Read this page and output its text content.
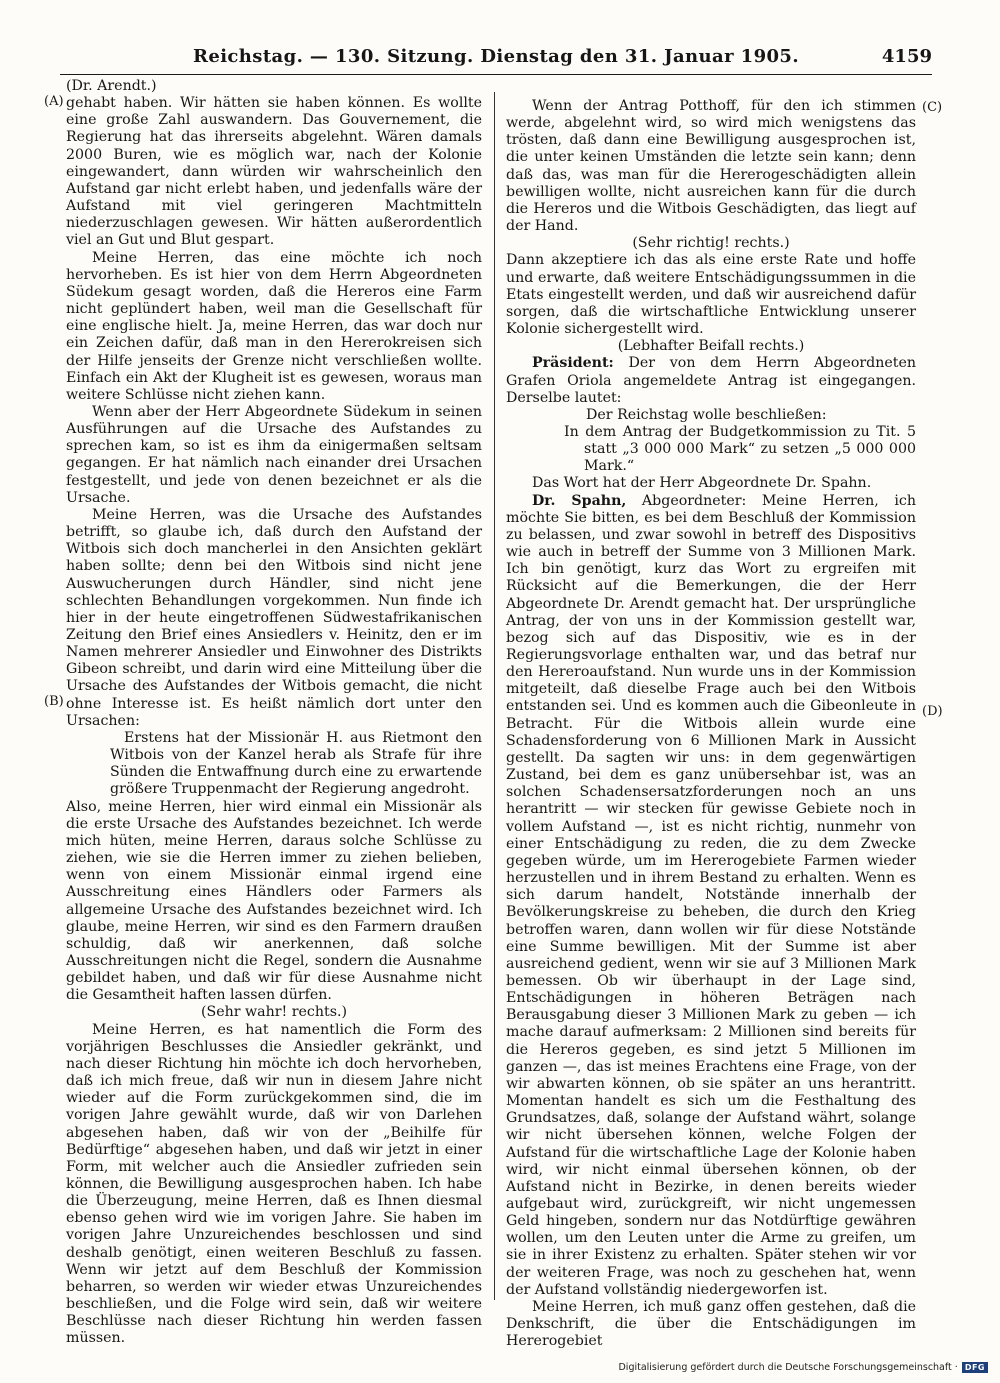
Reichstag. — 130. Sitzung. Dienstag den 31. Januar 1905.	4159
(A)
(B)
(C)
(D)

(Dr. Arendt.)

gehabt haben. Wir hätten sie haben können. Es wollte eine große Zahl auswandern. Das Gouvernement, die Regierung hat das ihrerseits abgelehnt. Wären damals 2000 Buren, wie es möglich war, nach der Kolonie eingewandert, dann würden wir wahrscheinlich den Aufstand gar nicht erlebt haben, und jedenfalls wäre der Aufstand mit viel geringeren Machtmitteln niederzuschlagen gewesen. Wir hätten außerordentlich viel an Gut und Blut gespart.

Meine Herren, das eine möchte ich noch hervorheben. Es ist hier von dem Herrn Abgeordneten Südekum gesagt worden, daß die Hereros eine Farm nicht geplündert haben, weil man die Gesellschaft für eine englische hielt. Ja, meine Herren, das war doch nur ein Zeichen dafür, daß man in den Hererokreisen sich der Hilfe jenseits der Grenze nicht verschließen wollte. Einfach ein Akt der Klugheit ist es gewesen, woraus man weitere Schlüsse nicht ziehen kann.

Wenn aber der Herr Abgeordnete Südekum in seinen Ausführungen auf die Ursache des Aufstandes zu sprechen kam, so ist es ihm da einigermaßen seltsam gegangen. Er hat nämlich nach einander drei Ursachen festgestellt, und jede von denen bezeichnet er als die Ursache.

Meine Herren, was die Ursache des Aufstandes betrifft, so glaube ich, daß durch den Aufstand der Witbois sich doch mancherlei in den Ansichten geklärt haben sollte; denn bei den Witbois sind nicht jene Auswucherungen durch Händler, sind nicht jene schlechten Behandlungen vorgekommen. Nun finde ich hier in der heute eingetroffenen Südwestafrikanischen Zeitung den Brief eines Ansiedlers v. Heinitz, den er im Namen mehrerer Ansiedler und Einwohner des Distrikts Gibeon schreibt, und darin wird eine Mitteilung über die Ursache des Aufstandes der Witbois gemacht, die nicht ohne Interesse ist. Es heißt nämlich dort unter den Ursachen:

Erstens hat der Missionär H. aus Rietmont den Witbois von der Kanzel herab als Strafe für ihre Sünden die Entwaffnung durch eine zu erwartende größere Truppenmacht der Regierung angedroht.

Also, meine Herren, hier wird einmal ein Missionär als die erste Ursache des Aufstandes bezeichnet. Ich werde mich hüten, meine Herren, daraus solche Schlüsse zu ziehen, wie sie die Herren immer zu ziehen belieben, wenn von einem Missionär einmal irgend eine Ausschreitung eines Händlers oder Farmers als allgemeine Ursache des Aufstandes bezeichnet wird. Ich glaube, meine Herren, wir sind es den Farmern draußen schuldig, daß wir anerkennen, daß solche Ausschreitungen nicht die Regel, sondern die Ausnahme gebildet haben, und daß wir für diese Ausnahme nicht die Gesamtheit haften lassen dürfen.

(Sehr wahr! rechts.)

Meine Herren, es hat namentlich die Form des vorjährigen Beschlusses die Ansiedler gekränkt, und nach dieser Richtung hin möchte ich doch hervorheben, daß ich mich freue, daß wir nun in diesem Jahre nicht wieder auf die Form zurückgekommen sind, die im vorigen Jahre gewählt wurde, daß wir von Darlehen abgesehen haben, daß wir von der „Beihilfe für Bedürftige“ abgesehen haben, und daß wir jetzt in einer Form, mit welcher auch die Ansiedler zufrieden sein können, die Bewilligung ausgesprochen haben. Ich habe die Überzeugung, meine Herren, daß es Ihnen diesmal ebenso gehen wird wie im vorigen Jahre. Sie haben im vorigen Jahre Unzureichendes beschlossen und sind deshalb genötigt, einen weiteren Beschluß zu fassen. Wenn wir jetzt auf dem Beschluß der Kommission beharren, so werden wir wieder etwas Unzureichendes beschließen, und die Folge wird sein, daß wir weitere Beschlüsse nach dieser Richtung hin werden fassen müssen.

Wenn der Antrag Potthoff, für den ich stimmen werde, abgelehnt wird, so wird mich wenigstens das trösten, daß dann eine Bewilligung ausgesprochen ist, die unter keinen Umständen die letzte sein kann; denn daß das, was man für die Hererogeschädigten allein bewilligen wollte, nicht ausreichen kann für die durch die Hereros und die Witbois Geschädigten, das liegt auf der Hand.

(Sehr richtig! rechts.)

Dann akzeptiere ich das als eine erste Rate und hoffe und erwarte, daß weitere Entschädigungssummen in die Etats eingestellt werden, und daß wir ausreichend dafür sorgen, daß die wirtschaftliche Entwicklung unserer Kolonie sichergestellt wird.

(Lebhafter Beifall rechts.)

Präsident: Der von dem Herrn Abgeordneten Grafen Oriola angemeldete Antrag ist eingegangen. Derselbe lautet:

Der Reichstag wolle beschließen:

In dem Antrag der Budgetkommission zu Tit. 5 statt „3 000 000 Mark“ zu setzen „5 000 000 Mark.“

Das Wort hat der Herr Abgeordnete Dr. Spahn.

Dr. Spahn, Abgeordneter: Meine Herren, ich möchte Sie bitten, es bei dem Beschluß der Kommission zu belassen, und zwar sowohl in betreff des Dispositivs wie auch in betreff der Summe von 3 Millionen Mark. Ich bin genötigt, kurz das Wort zu ergreifen mit Rücksicht auf die Bemerkungen, die der Herr Abgeordnete Dr. Arendt gemacht hat. Der ursprüngliche Antrag, der von uns in der Kommission gestellt war, bezog sich auf das Dispositiv, wie es in der Regierungsvorlage enthalten war, und das betraf nur den Hereroaufstand. Nun wurde uns in der Kommission mitgeteilt, daß dieselbe Frage auch bei den Witbois entstanden sei. Und es kommen auch die Gibeonleute in Betracht. Für die Witbois allein wurde eine Schadensforderung von 6 Millionen Mark in Aussicht gestellt. Da sagten wir uns: in dem gegenwärtigen Zustand, bei dem es ganz unübersehbar ist, was an solchen Schadensersatzforderungen noch an uns herantritt — wir stecken für gewisse Gebiete noch in vollem Aufstand —, ist es nicht richtig, nunmehr von einer Entschädigung zu reden, die zu dem Zwecke gegeben würde, um im Hererogebiete Farmen wieder herzustellen und in ihrem Bestand zu erhalten. Wenn es sich darum handelt, Notstände innerhalb der Bevölkerungskreise zu beheben, die durch den Krieg betroffen waren, dann wollen wir für diese Notstände eine Summe bewilligen. Mit der Summe ist aber ausreichend gedient, wenn wir sie auf 3 Millionen Mark bemessen. Ob wir überhaupt in der Lage sind, Entschädigungen in höheren Beträgen nach Berausgabung dieser 3 Millionen Mark zu geben — ich mache darauf aufmerksam: 2 Millionen sind bereits für die Hereros gegeben, es sind jetzt 5 Millionen im ganzen —, das ist meines Erachtens eine Frage, von der wir abwarten können, ob sie später an uns herantritt. Momentan handelt es sich um die Festhaltung des Grundsatzes, daß, solange der Aufstand währt, solange wir nicht übersehen können, welche Folgen der Aufstand für die wirtschaftliche Lage der Kolonie haben wird, wir nicht einmal übersehen können, ob der Aufstand nicht in Bezirke, in denen bereits wieder aufgebaut wird, zurückgreift, wir nicht ungemessen Geld hingeben, sondern nur das Notdürftige gewähren wollen, um den Leuten unter die Arme zu greifen, um sie in ihrer Existenz zu erhalten. Später stehen wir vor der weiteren Frage, was noch zu geschehen hat, wenn der Aufstand vollständig niedergeworfen ist.

Meine Herren, ich muß ganz offen gestehen, daß die Denkschrift, die über die Entschädigungen im Hererogebiet

Digitalisierung gefördert durch die Deutsche Forschungsgemeinschaft · DFG
